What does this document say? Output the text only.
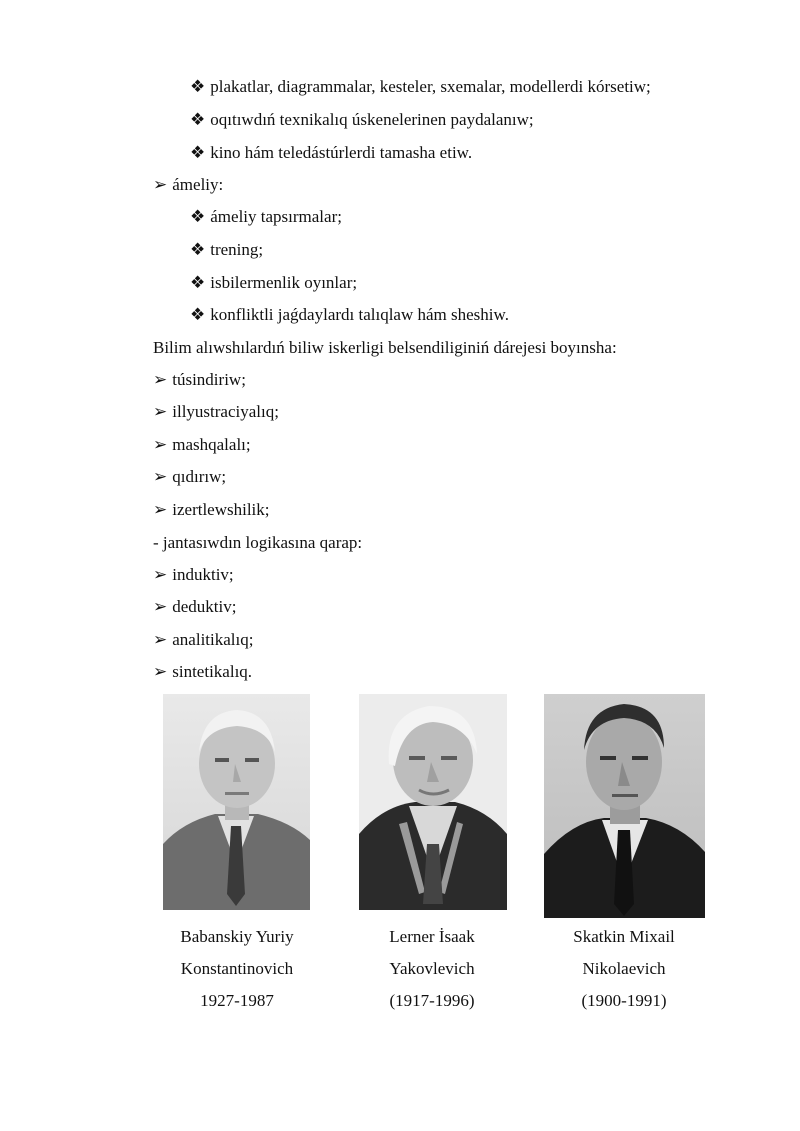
❖ plakatlar, diagrammalar, kesteler, sxemalar, modellerdi kórsetiw;
❖ oqıtıwdıń texnikalıq úskenelerinen paydalanıw;
❖ kino hám teledástúrlerdi tamasha etiw.
➢ ámeliy:
❖ ámeliy tapsırmalar;
❖ trening;
❖ isbilermenlik oyınlar;
❖ konfliktli jaǵdaylardı talıqlaw hám sheshiw.
Bilim alıwshılardıń biliw iskerligi belsendiliginiń dárejesi boyınsha:
➢ túsindiriw;
➢ illyustraciyalıq;
➢ mashqalalı;
➢ qıdırıw;
➢ izertlewshilik;
- jantasıwdın logikasına qarap:
➢ induktiv;
➢ deduktiv;
➢ analitikalıq;
➢ sintetikalıq.
Babanskiy Yuriy
Konstantinovich
1927-1987
Lerner İsaak
Yakovlevich
(1917-1996)
Skatkin Mixail
Nikolaevich
(1900-1991)
